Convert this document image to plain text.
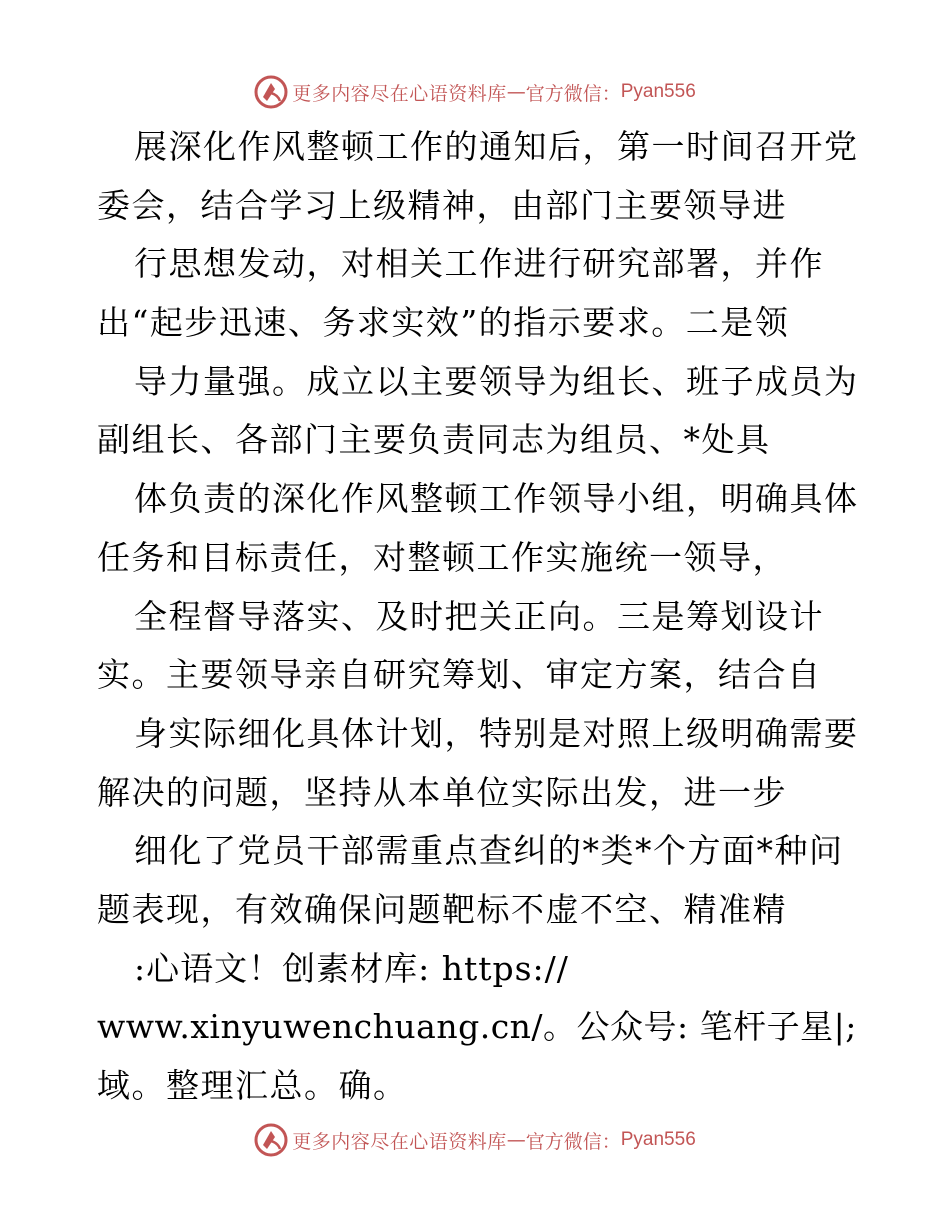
更多内容尽在心语资料库 — 官方微信： Pyan556
展深化作风整顿工作的通知后，第一时间召开党
委会，结合学习上级精神，由部门主要领导进
行思想发动，对相关工作进行研究部署，并作
出“起步迅速、务求实效”的指示要求。二是领
导力量强。成立以主要领导为组长、班子成员为
副组长、各部门主要负责同志为组员、*处具
体负责的深化作风整顿工作领导小组，明确具体
任务和目标责任，对整顿工作实施统一领导，
全程督导落实、及时把关正向。三是筹划设计
实。主要领导亲自研究筹划、审定方案，结合自
身实际细化具体计划，特别是对照上级明确需要
解决的问题，坚持从本单位实际出发，进一步
细化了党员干部需重点查纠的*类*个方面*种问
题表现，有效确保问题靶标不虚不空、精准精
:心语文！创素材库: https://
www.xinyuwenchuang.cn/。公众号: 笔杆子星|;
域。整理汇总。确。
更多内容尽在心语资料库 — 官方微信： Pyan556
